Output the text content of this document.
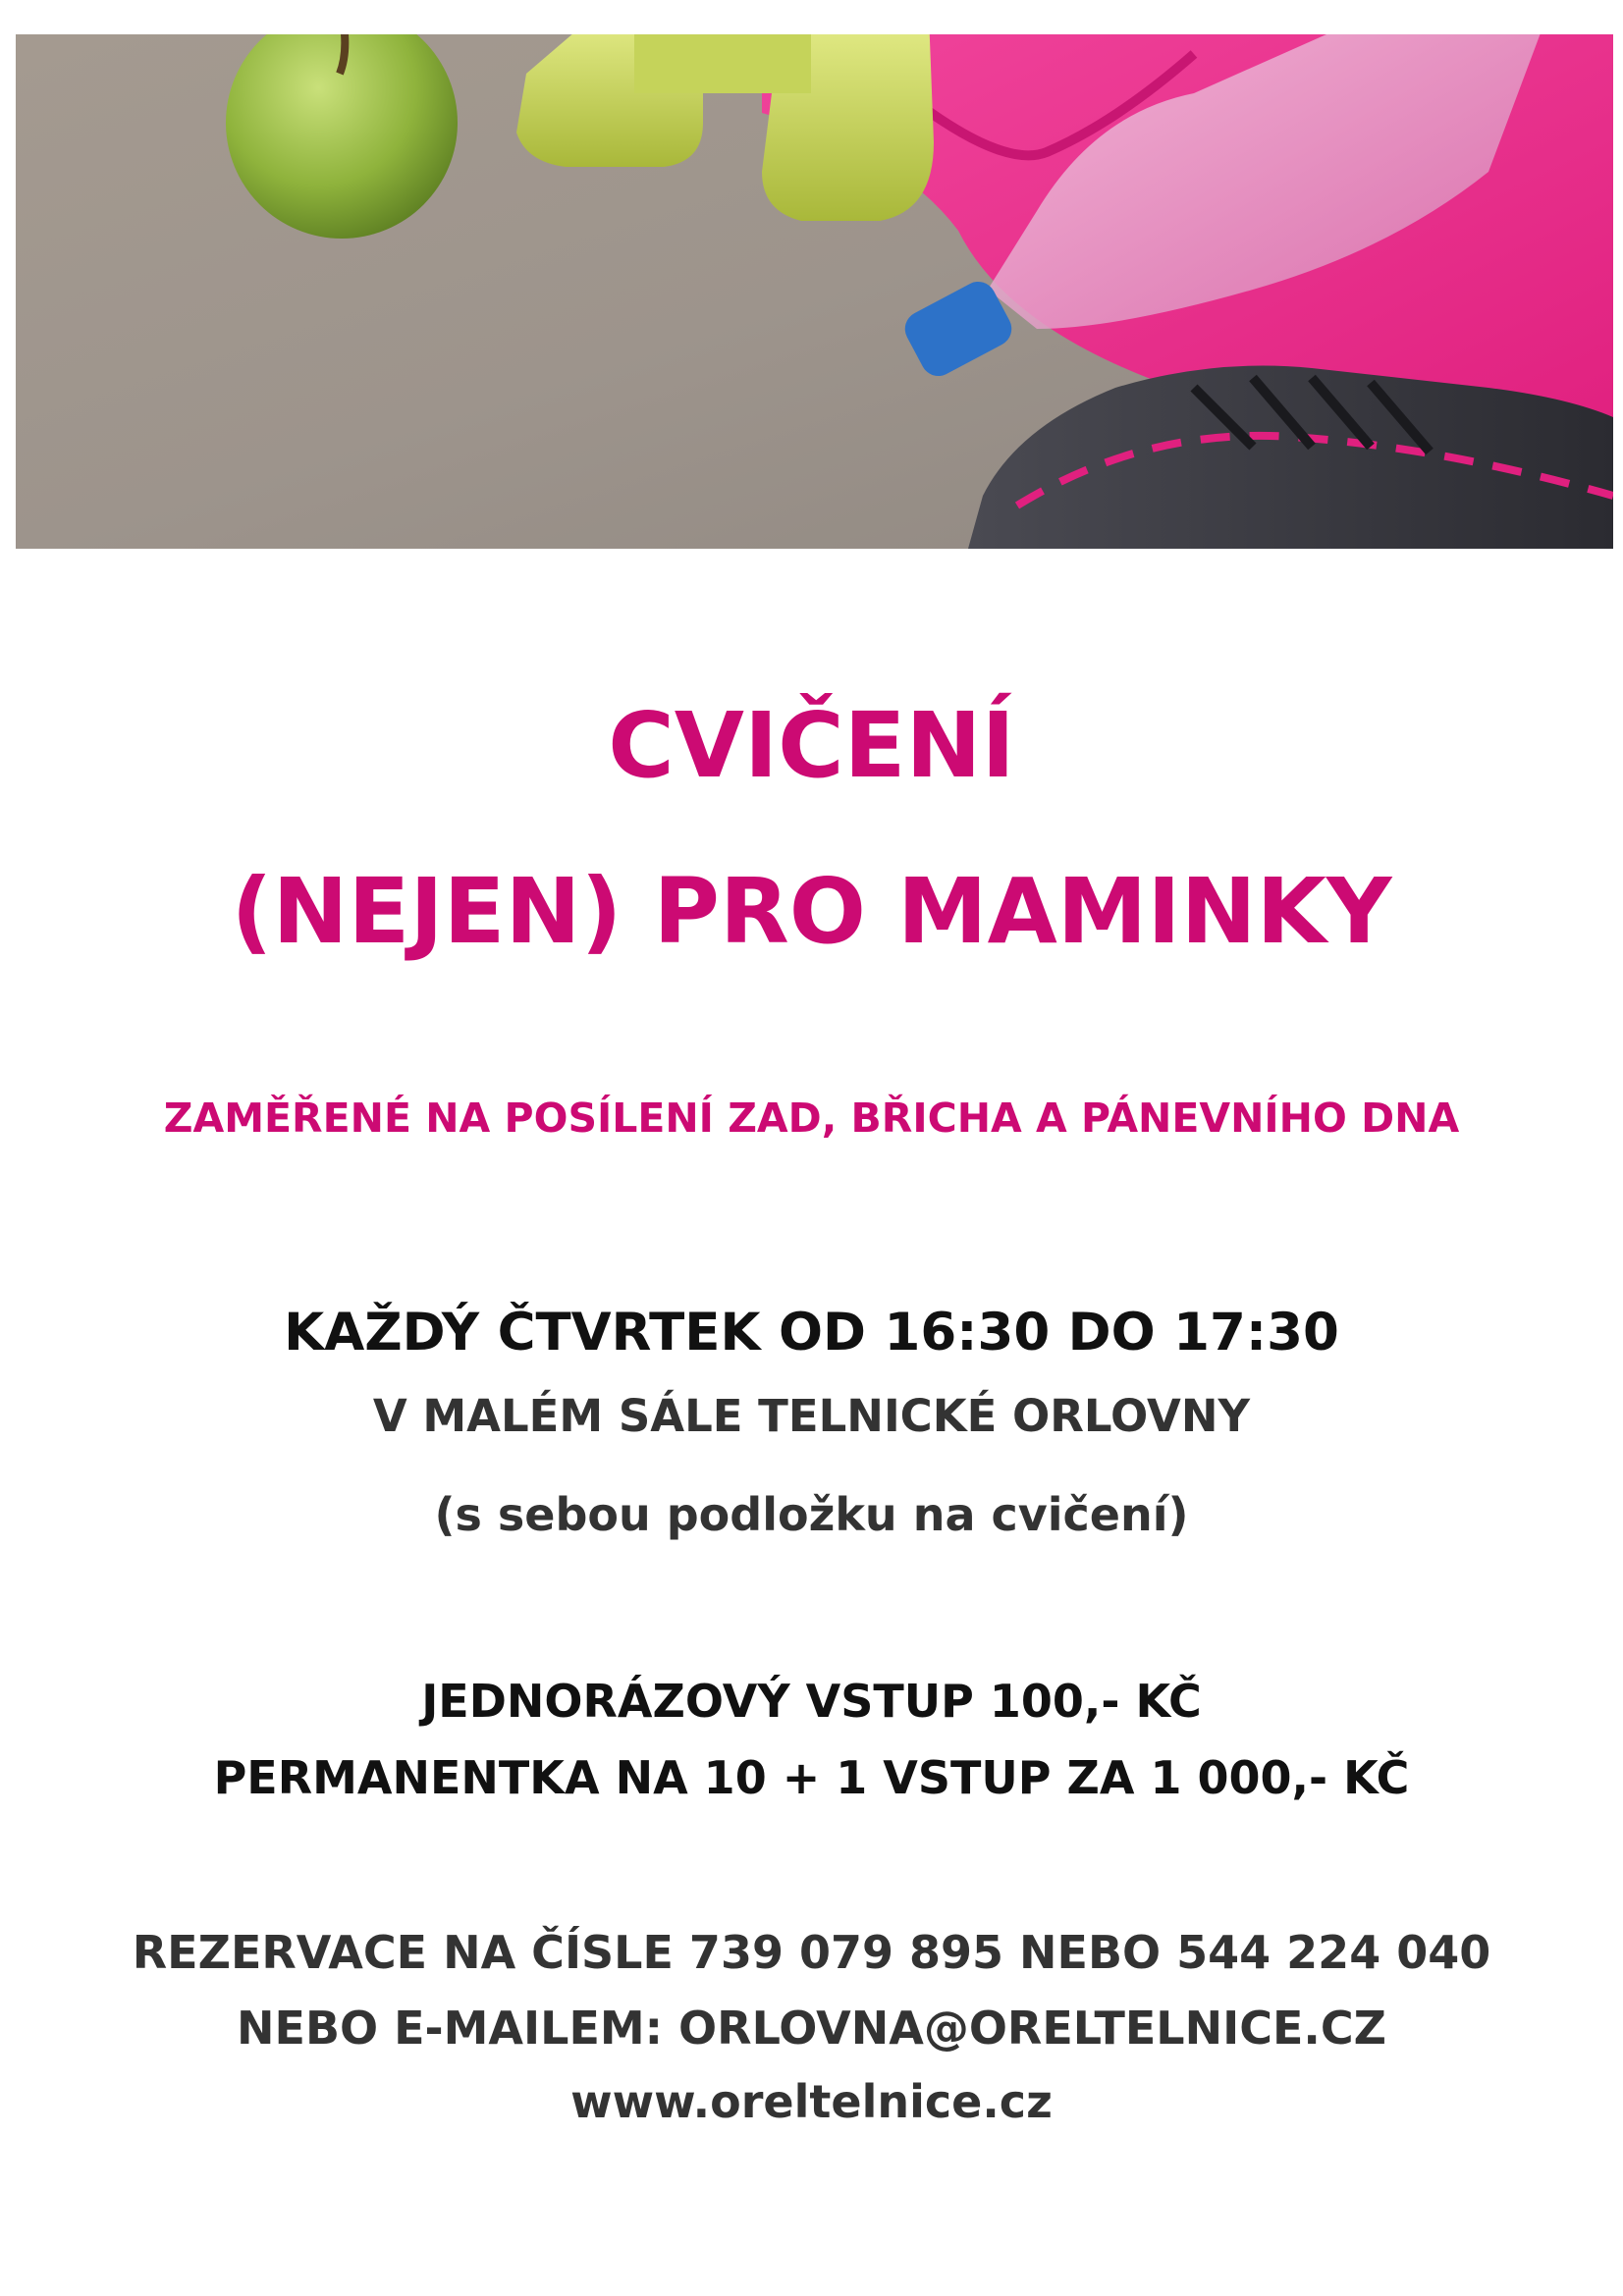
CVIČENÍ
(NEJEN) PRO MAMINKY

ZAMĚŘENÉ NA POSÍLENÍ ZAD, BŘICHA A PÁNEVNÍHO DNA

KAŽDÝ ČTVRTEK OD 16:30 DO 17:30

V MALÉM SÁLE TELNICKÉ ORLOVNY

(s sebou podložku na cvičení)

JEDNORÁZOVÝ VSTUP 100,- KČ

PERMANENTKA NA 10 + 1 VSTUP ZA 1 000,- KČ

REZERVACE NA ČÍSLE 739 079 895 NEBO 544 224 040

NEBO E-MAILEM: ORLOVNA@ORELTELNICE.CZ

www.oreltelnice.cz
